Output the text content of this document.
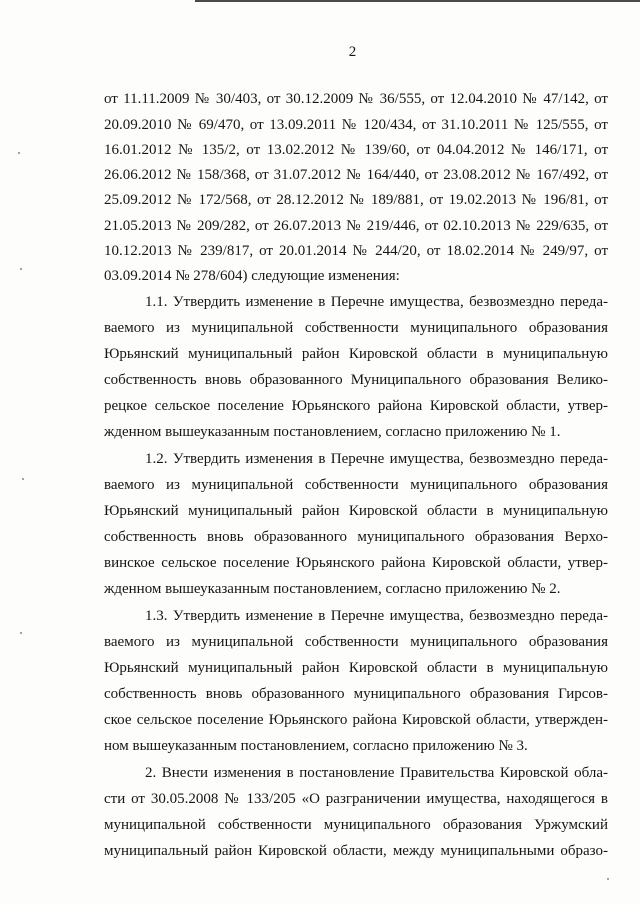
2
от 11.11.2009 № 30/403, от 30.12.2009 № 36/555, от 12.04.2010 № 47/142, от
20.09.2010 № 69/470, от 13.09.2011 № 120/434, от 31.10.2011 № 125/555, от
16.01.2012 № 135/2, от 13.02.2012 № 139/60, от 04.04.2012 № 146/171, от
26.06.2012 № 158/368, от 31.07.2012 № 164/440, от 23.08.2012 № 167/492, от
25.09.2012 № 172/568, от 28.12.2012 № 189/881, от 19.02.2013 № 196/81, от
21.05.2013 № 209/282, от 26.07.2013 № 219/446, от 02.10.2013 № 229/635, от
10.12.2013 № 239/817, от 20.01.2014 № 244/20, от 18.02.2014 № 249/97, от
03.09.2014 № 278/604) следующие изменения:
1.1. Утвердить изменение в Перечне имущества, безвозмездно переда-
ваемого из муниципальной собственности муниципального образования
Юрьянский муниципальный район Кировской области в муниципальную
собственность вновь образованного Муниципального образования Велико-
рецкое сельское поселение Юрьянского района Кировской области, утвер-
жденном вышеуказанным постановлением, согласно приложению № 1.
1.2. Утвердить изменения в Перечне имущества, безвозмездно переда-
ваемого из муниципальной собственности муниципального образования
Юрьянский муниципальный район Кировской области в муниципальную
собственность вновь образованного муниципального образования Верхо-
винское сельское поселение Юрьянского района Кировской области, утвер-
жденном вышеуказанным постановлением, согласно приложению № 2.
1.3. Утвердить изменение в Перечне имущества, безвозмездно переда-
ваемого из муниципальной собственности муниципального образования
Юрьянский муниципальный район Кировской области в муниципальную
собственность вновь образованного муниципального образования Гирсов-
ское сельское поселение Юрьянского района Кировской области, утвержден-
ном вышеуказанным постановлением, согласно приложению № 3.
2. Внести изменения в постановление Правительства Кировской обла-
сти от 30.05.2008 № 133/205 «О разграничении имущества, находящегося в
муниципальной собственности муниципального образования Уржумский
муниципальный район Кировской области, между муниципальными образо-
